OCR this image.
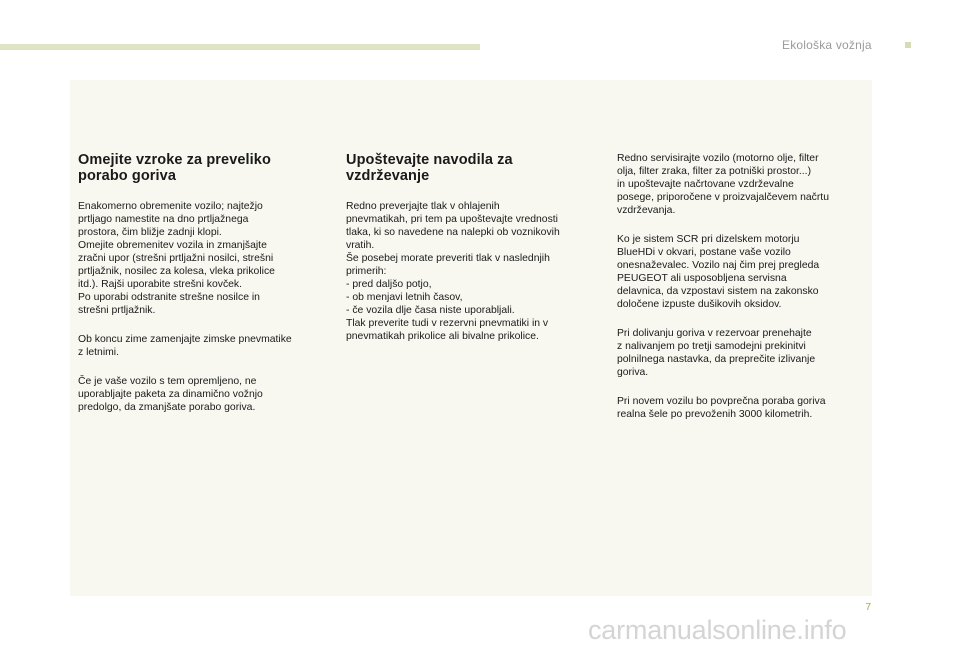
Ekološka vožnja
Omejite vzroke za preveliko
porabo goriva

Enakomerno obremenite vozilo; najtežjo
prtljago namestite na dno prtljažnega
prostora, čim bližje zadnji klopi.
Omejite obremenitev vozila in zmanjšajte
zračni upor (strešni prtljažni nosilci, strešni
prtljažnik, nosilec za kolesa, vleka prikolice
itd.). Rajši uporabite strešni kovček.
Po uporabi odstranite strešne nosilce in
strešni prtljažnik.

Ob koncu zime zamenjajte zimske pnevmatike
z letnimi.

Če je vaše vozilo s tem opremljeno, ne
uporabljajte paketa za dinamično vožnjo
predolgo, da zmanjšate porabo goriva.

Upoštevajte navodila za
vzdrževanje

Redno preverjajte tlak v ohlajenih
pnevmatikah, pri tem pa upoštevajte vrednosti
tlaka, ki so navedene na nalepki ob voznikovih
vratih.
Še posebej morate preveriti tlak v naslednjih
primerih:
- pred daljšo potjo,
- ob menjavi letnih časov,
- če vozila dlje časa niste uporabljali.
Tlak preverite tudi v rezervni pnevmatiki in v
pnevmatikah prikolice ali bivalne prikolice.

Redno servisirajte vozilo (motorno olje, filter
olja, filter zraka, filter za potniški prostor...)
in upoštevajte načrtovane vzdrževalne
posege, priporočene v proizvajalčevem načrtu
vzdrževanja.

Ko je sistem SCR pri dizelskem motorju
BlueHDi v okvari, postane vaše vozilo
onesnaževalec. Vozilo naj čim prej pregleda
PEUGEOT ali usposobljena servisna
delavnica, da vzpostavi sistem na zakonsko
določene izpuste dušikovih oksidov.

Pri dolivanju goriva v rezervoar prenehajte
z nalivanjem po tretji samodejni prekinitvi
polnilnega nastavka, da preprečite izlivanje
goriva.

Pri novem vozilu bo povprečna poraba goriva
realna šele po prevoženih 3000 kilometrih.

7
carmanualsonline.info
